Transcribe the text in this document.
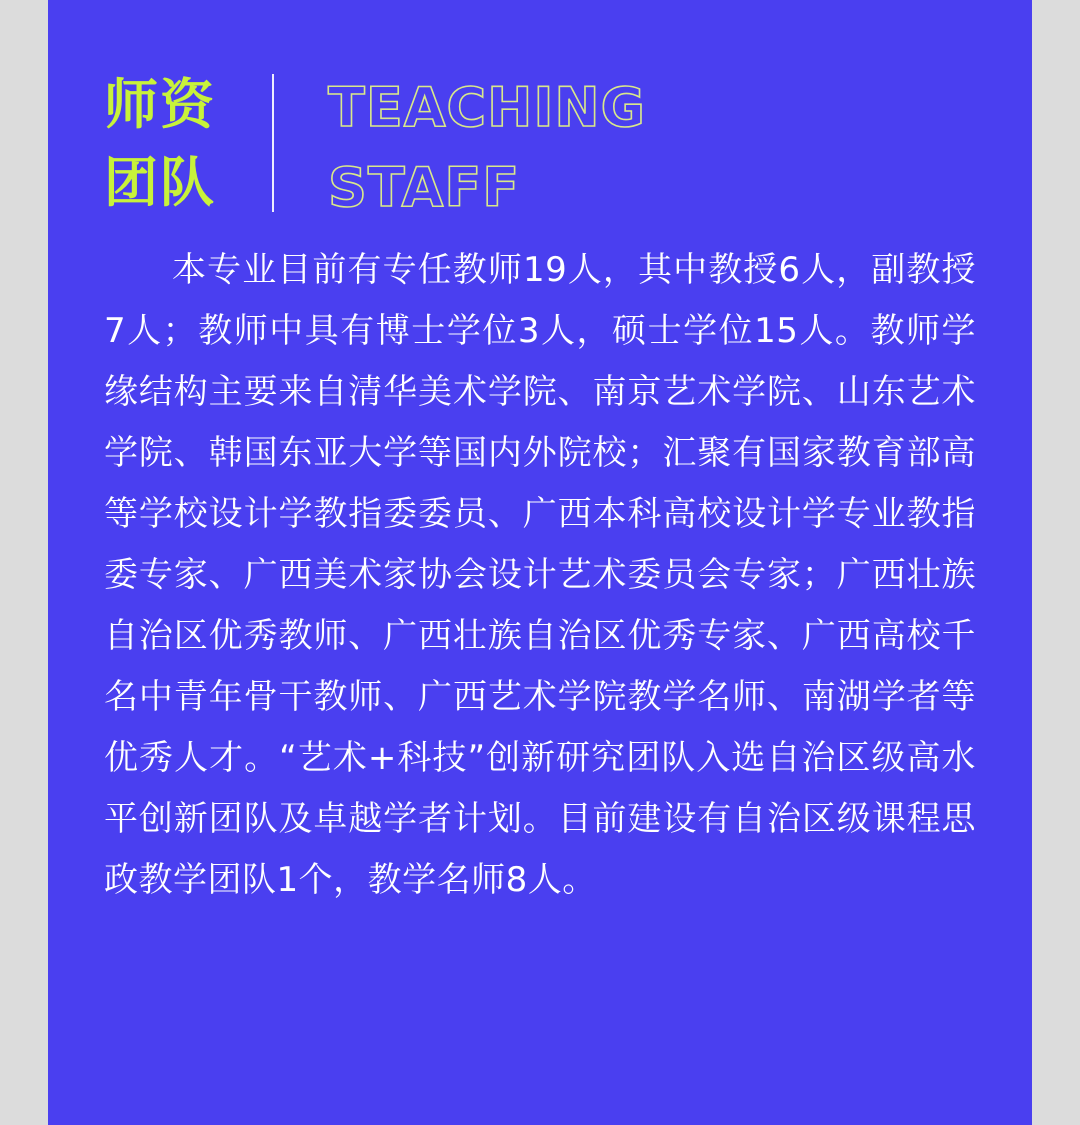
师资
团队
TEACHING
STAFF

本专业目前有专任教师19人，其中教授6人，副教授7人；教师中具有博士学位3人，硕士学位15人。教师学缘结构主要来自清华美术学院、南京艺术学院、山东艺术学院、韩国东亚大学等国内外院校；汇聚有国家教育部高等学校设计学教指委委员、广西本科高校设计学专业教指委专家、广西美术家协会设计艺术委员会专家；广西壮族自治区优秀教师、广西壮族自治区优秀专家、广西高校千名中青年骨干教师、广西艺术学院教学名师、南湖学者等优秀人才。“艺术+科技”创新研究团队入选自治区级高水平创新团队及卓越学者计划。目前建设有自治区级课程思政教学团队1个，教学名师8人。
